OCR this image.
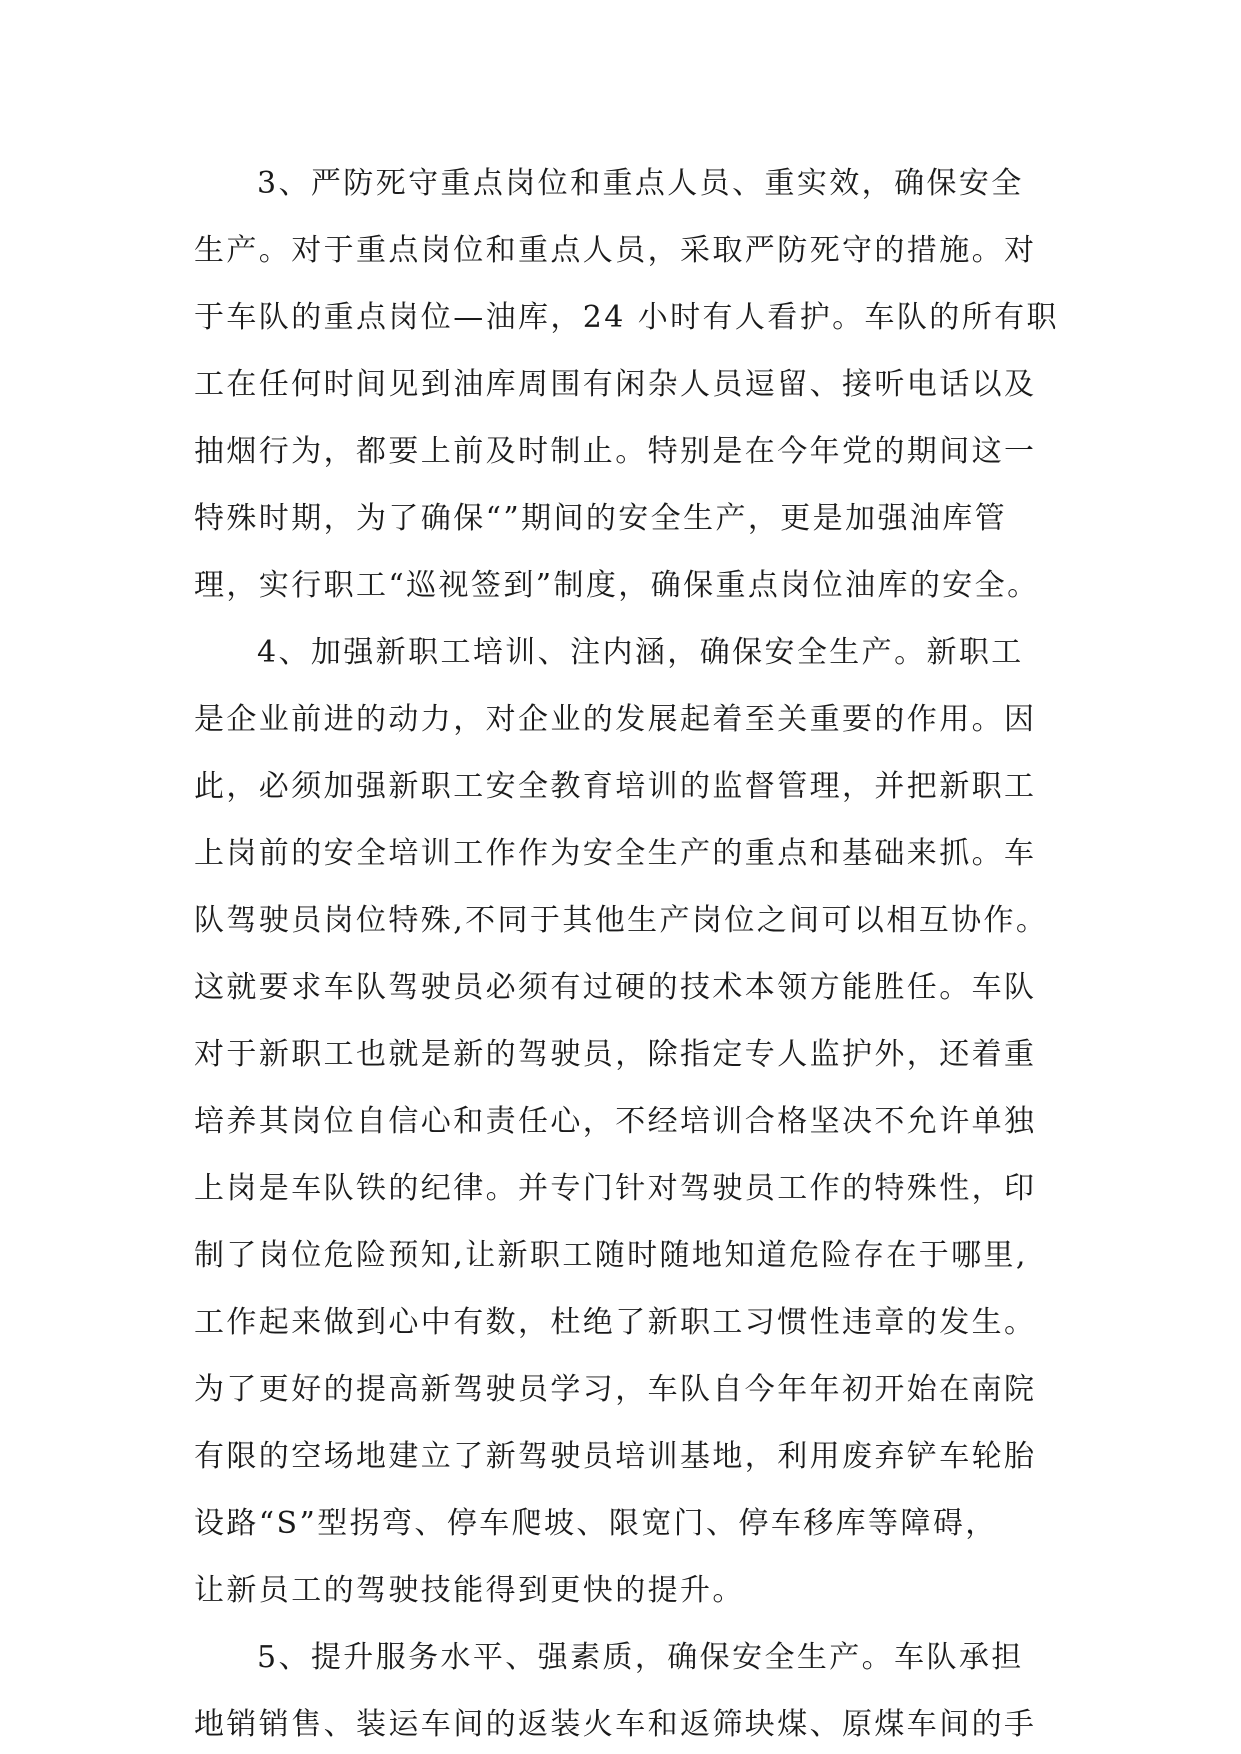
3、严防死守重点岗位和重点人员、重实效，确保安全
生产。对于重点岗位和重点人员，采取严防死守的措施。对
于车队的重点岗位—油库，24 小时有人看护。车队的所有职
工在任何时间见到油库周围有闲杂人员逗留、接听电话以及
抽烟行为，都要上前及时制止。特别是在今年党的期间这一
特殊时期，为了确保“”期间的安全生产，更是加强油库管
理，实行职工“巡视签到”制度，确保重点岗位油库的安全。
4、加强新职工培训、注内涵，确保安全生产。新职工
是企业前进的动力，对企业的发展起着至关重要的作用。因
此，必须加强新职工安全教育培训的监督管理，并把新职工
上岗前的安全培训工作作为安全生产的重点和基础来抓。车
队驾驶员岗位特殊,不同于其他生产岗位之间可以相互协作。
这就要求车队驾驶员必须有过硬的技术本领方能胜任。车队
对于新职工也就是新的驾驶员，除指定专人监护外，还着重
培养其岗位自信心和责任心，不经培训合格坚决不允许单独
上岗是车队铁的纪律。并专门针对驾驶员工作的特殊性，印
制了岗位危险预知,让新职工随时随地知道危险存在于哪里,
工作起来做到心中有数，杜绝了新职工习惯性违章的发生。
为了更好的提高新驾驶员学习，车队自今年年初开始在南院
有限的空场地建立了新驾驶员培训基地，利用废弃铲车轮胎
设路“S”型拐弯、停车爬坡、限宽门、停车移库等障碍，
让新员工的驾驶技能得到更快的提升。
5、提升服务水平、强素质，确保安全生产。车队承担
地销销售、装运车间的返装火车和返筛块煤、原煤车间的手
